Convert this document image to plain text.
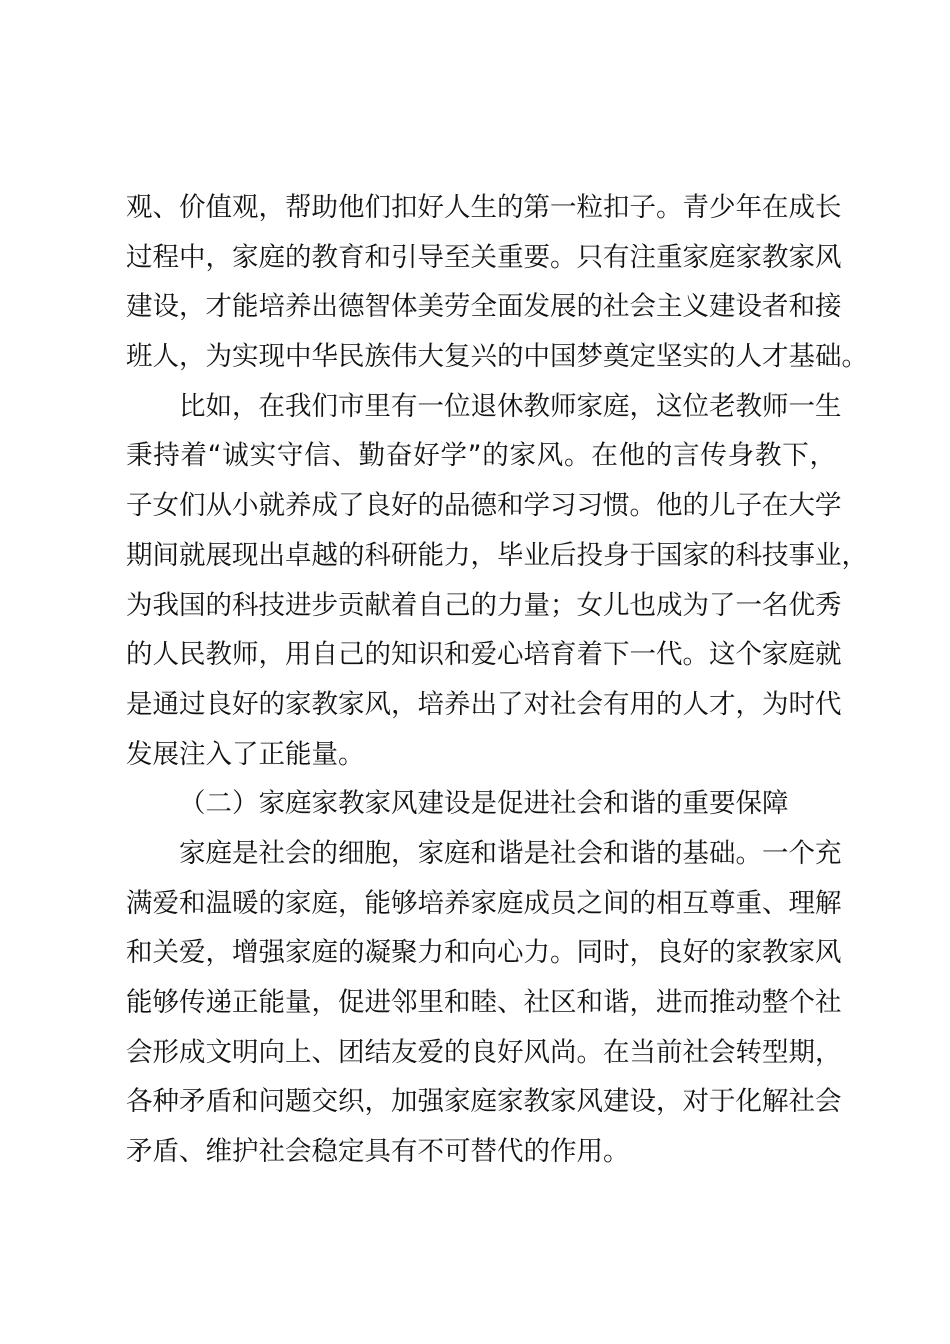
观、价值观，帮助他们扣好人生的第一粒扣子。青少年在成长
过程中，家庭的教育和引导至关重要。只有注重家庭家教家风
建设，才能培养出德智体美劳全面发展的社会主义建设者和接
班人，为实现中华民族伟大复兴的中国梦奠定坚实的人才基础。
比如，在我们市里有一位退休教师家庭，这位老教师一生
秉持着“诚实守信、勤奋好学”的家风。在他的言传身教下，
子女们从小就养成了良好的品德和学习习惯。他的儿子在大学
期间就展现出卓越的科研能力，毕业后投身于国家的科技事业，
为我国的科技进步贡献着自己的力量；女儿也成为了一名优秀
的人民教师，用自己的知识和爱心培育着下一代。这个家庭就
是通过良好的家教家风，培养出了对社会有用的人才，为时代
发展注入了正能量。
（二）家庭家教家风建设是促进社会和谐的重要保障
家庭是社会的细胞，家庭和谐是社会和谐的基础。一个充
满爱和温暖的家庭，能够培养家庭成员之间的相互尊重、理解
和关爱，增强家庭的凝聚力和向心力。同时，良好的家教家风
能够传递正能量，促进邻里和睦、社区和谐，进而推动整个社
会形成文明向上、团结友爱的良好风尚。在当前社会转型期，
各种矛盾和问题交织，加强家庭家教家风建设，对于化解社会
矛盾、维护社会稳定具有不可替代的作用。
